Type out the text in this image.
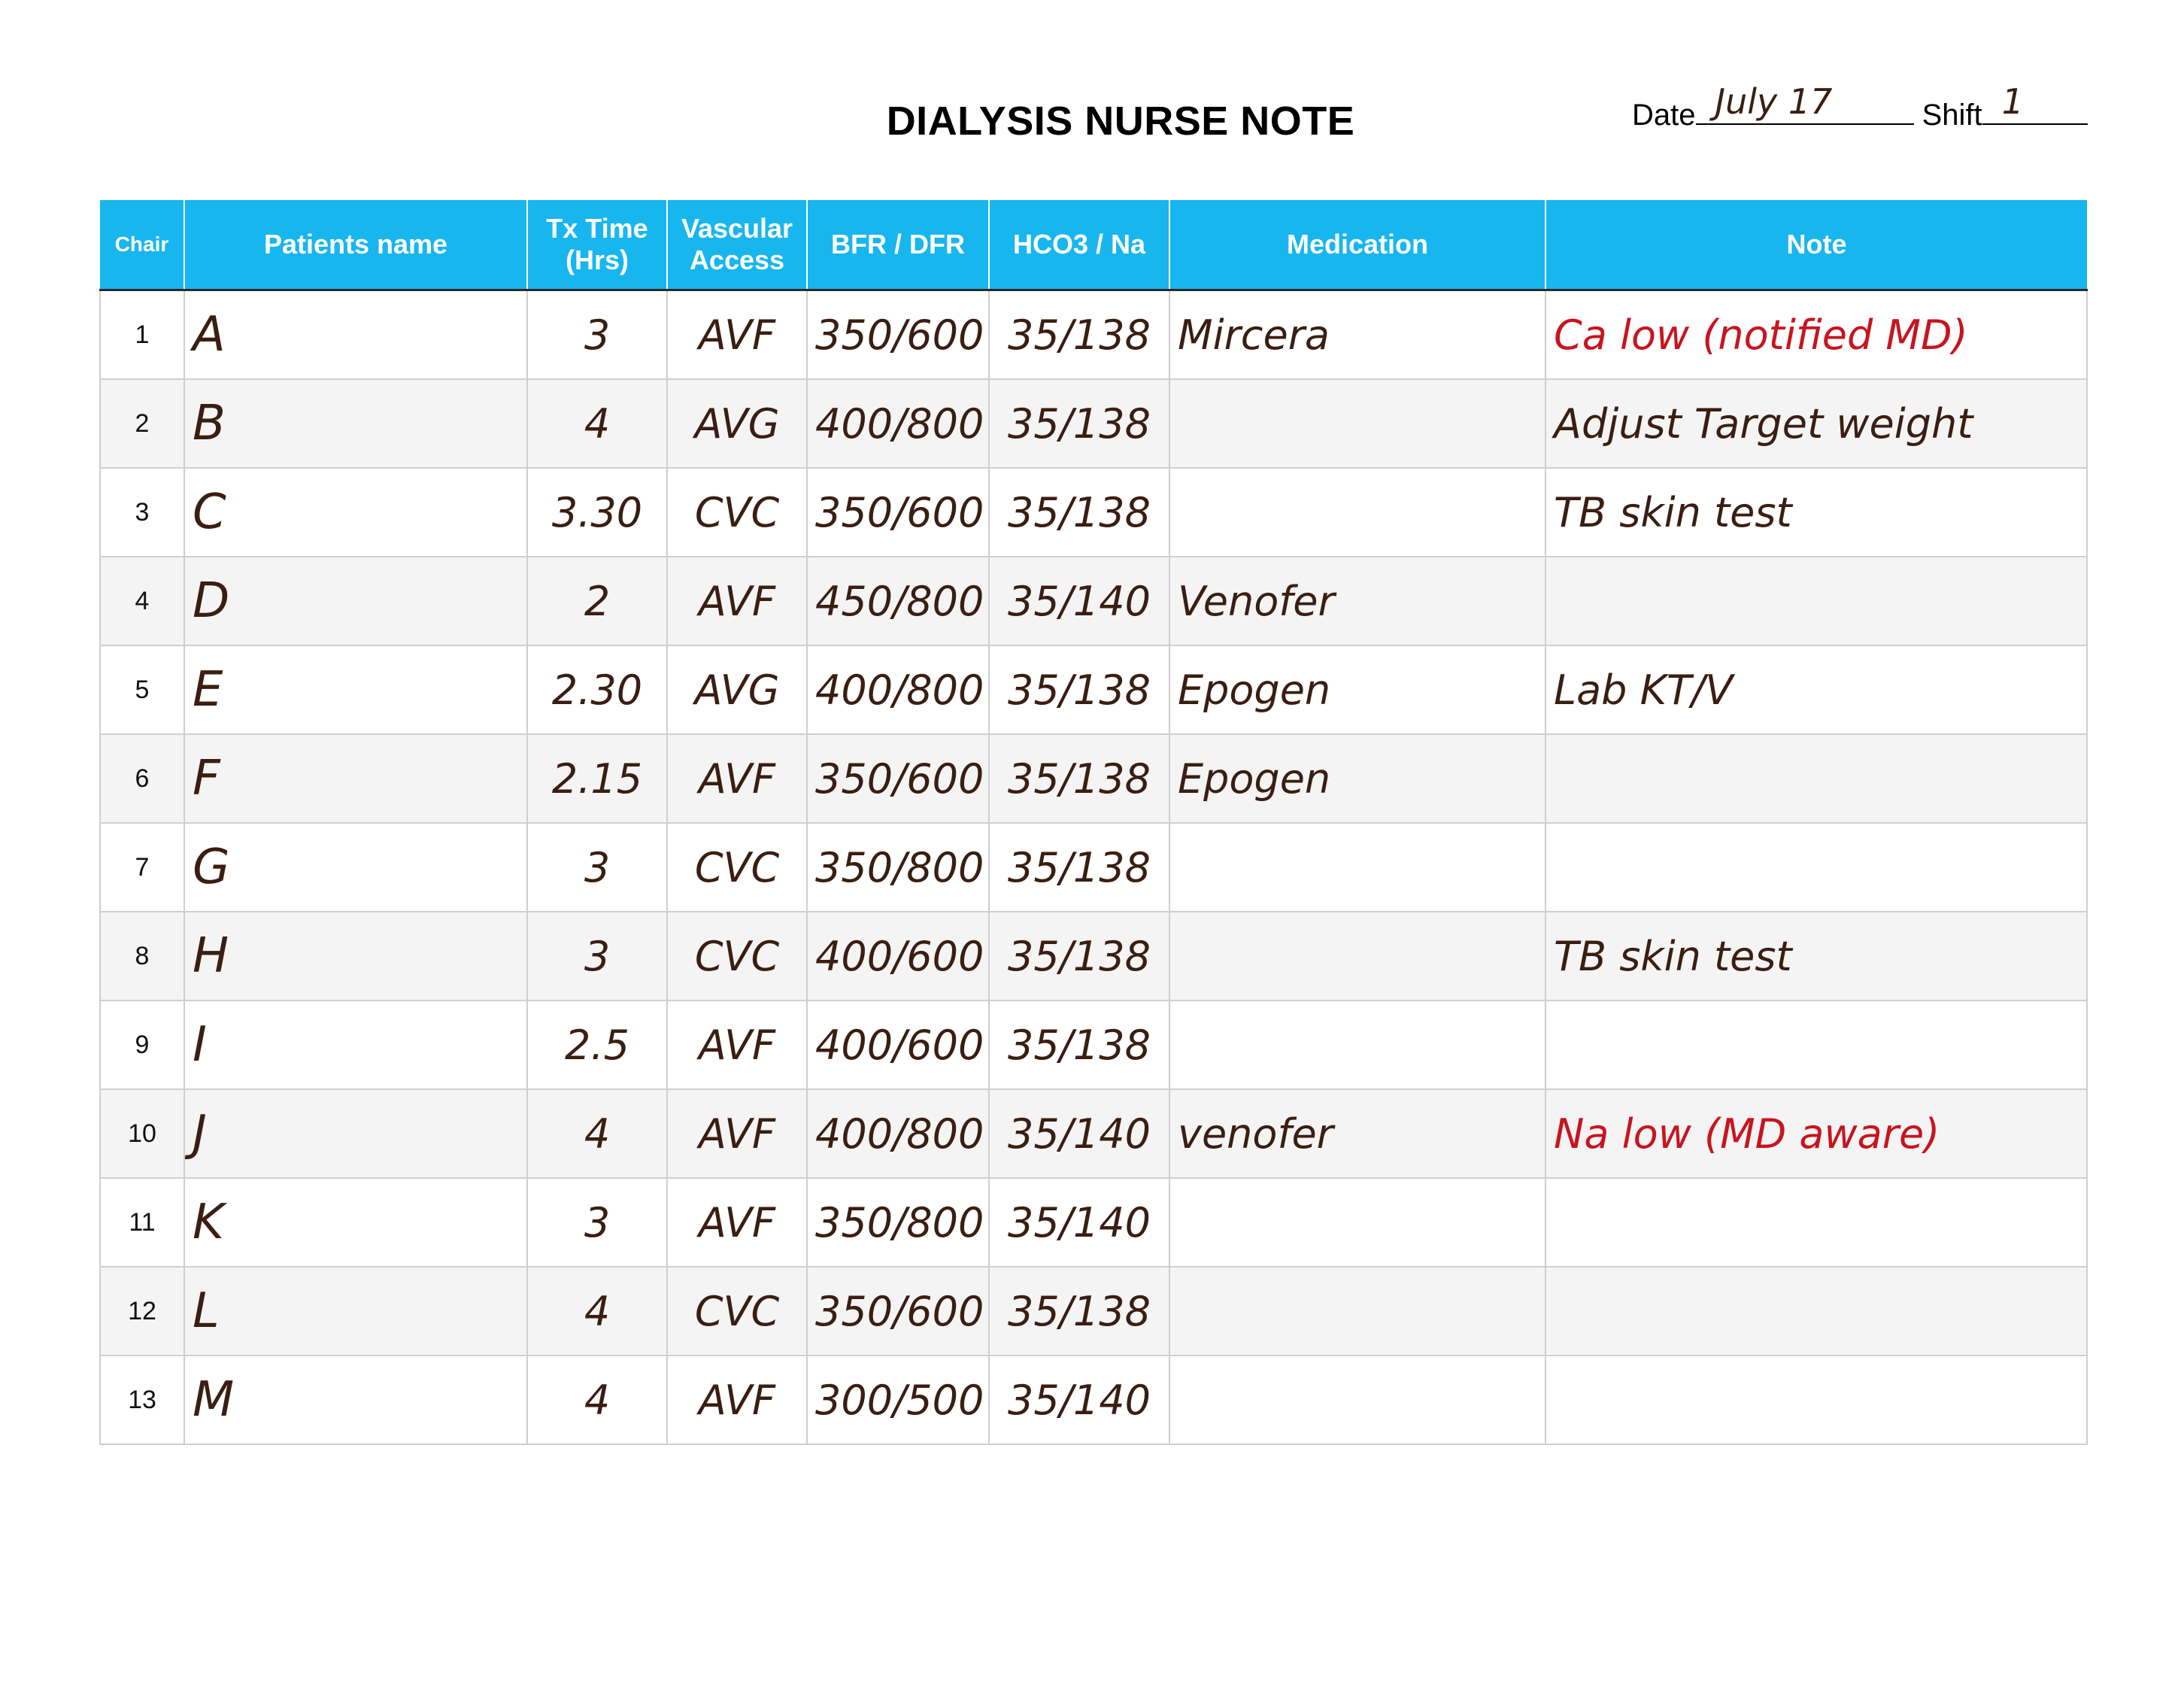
DIALYSIS NURSE NOTE	Date July 17	Shift 1
Chair	Patients name	Tx Time (Hrs)	Vascular Access	BFR / DFR	HCO3 / Na	Medication	Note
1	A	3	AVF	350/600	35/138	Mircera	Ca low (notified MD)
2	B	4	AVG	400/800	35/138		Adjust Target weight
3	C	3.30	CVC	350/600	35/138		TB skin test
4	D	2	AVF	450/800	35/140	Venofer	
5	E	2.30	AVG	400/800	35/138	Epogen	Lab KT/V
6	F	2.15	AVF	350/600	35/138	Epogen	
7	G	3	CVC	350/800	35/138		
8	H	3	CVC	400/600	35/138		TB skin test
9	I	2.5	AVF	400/600	35/138		
10	J	4	AVF	400/800	35/140	venofer	Na low (MD aware)
11	K	3	AVF	350/800	35/140		
12	L	4	CVC	350/600	35/138		
13	M	4	AVF	300/500	35/140		
